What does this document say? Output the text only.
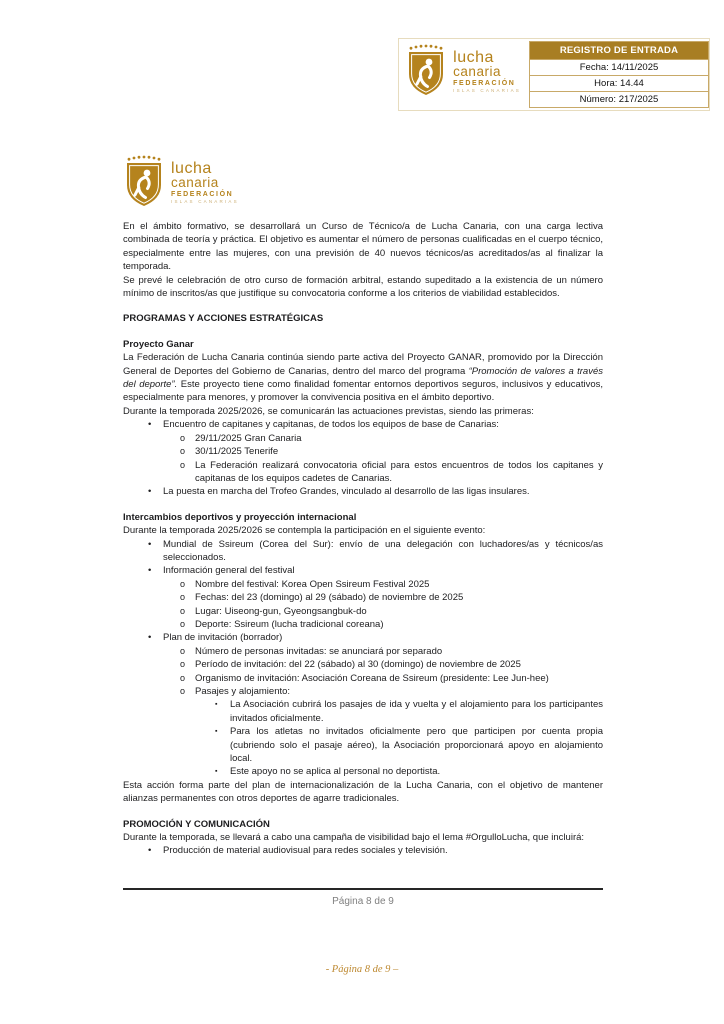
lucha
canaria
FEDERACIÓN
ISLAS CANARIAS
REGISTRO DE ENTRADA
Fecha: 14/11/2025
Hora: 14.44
Número: 217/2025
lucha
canaria
FEDERACIÓN
ISLAS CANARIAS
En el ámbito formativo, se desarrollará un Curso de Técnico/a de Lucha Canaria, con una carga lectiva combinada de teoría y práctica. El objetivo es aumentar el número de personas cualificadas en el cuerpo técnico, especialmente entre las mujeres, con una previsión de 40 nuevos técnicos/as acreditados/as al finalizar la temporada.
Se prevé le celebración de otro curso de formación arbitral, estando supeditado a la existencia de un número mínimo de inscritos/as que justifique su convocatoria conforme a los criterios de viabilidad establecidos.
PROGRAMAS Y ACCIONES ESTRATÉGICAS
Proyecto Ganar
La Federación de Lucha Canaria continúa siendo parte activa del Proyecto GANAR, promovido por la Dirección General de Deportes del Gobierno de Canarias, dentro del marco del programa “Promoción de valores a través del deporte”. Este proyecto tiene como finalidad fomentar entornos deportivos seguros, inclusivos y educativos, especialmente para menores, y promover la convivencia positiva en el ámbito deportivo.
Durante la temporada 2025/2026, se comunicarán las actuaciones previstas, siendo las primeras:
•	Encuentro de capitanes y capitanas, de todos los equipos de base de Canarias:
o	29/11/2025 Gran Canaria
o	30/11/2025 Tenerife
o	La Federación realizará convocatoria oficial para estos encuentros de todos los capitanes y capitanas de los equipos cadetes de Canarias.
•	La puesta en marcha del Trofeo Grandes, vinculado al desarrollo de las ligas insulares.
Intercambios deportivos y proyección internacional
Durante la temporada 2025/2026 se contempla la participación en el siguiente evento:
•	Mundial de Ssireum (Corea del Sur): envío de una delegación con luchadores/as y técnicos/as seleccionados.
•	Información general del festival
o	Nombre del festival: Korea Open Ssireum Festival 2025
o	Fechas: del 23 (domingo) al 29 (sábado) de noviembre de 2025
o	Lugar: Uiseong-gun, Gyeongsangbuk-do
o	Deporte: Ssireum (lucha tradicional coreana)
•	Plan de invitación (borrador)
o	Número de personas invitadas: se anunciará por separado
o	Período de invitación: del 22 (sábado) al 30 (domingo) de noviembre de 2025
o	Organismo de invitación: Asociación Coreana de Ssireum (presidente: Lee Jun-hee)
o	Pasajes y alojamiento:
▪	La Asociación cubrirá los pasajes de ida y vuelta y el alojamiento para los participantes invitados oficialmente.
▪	Para los atletas no invitados oficialmente pero que participen por cuenta propia (cubriendo solo el pasaje aéreo), la Asociación proporcionará apoyo en alojamiento local.
▪	Este apoyo no se aplica al personal no deportista.
Esta acción forma parte del plan de internacionalización de la Lucha Canaria, con el objetivo de mantener alianzas permanentes con otros deportes de agarre tradicionales.
PROMOCIÓN Y COMUNICACIÓN
Durante la temporada, se llevará a cabo una campaña de visibilidad bajo el lema #OrgulloLucha, que incluirá:
•	Producción de material audiovisual para redes sociales y televisión.
Página 8 de 9
- Página 8 de 9 –
